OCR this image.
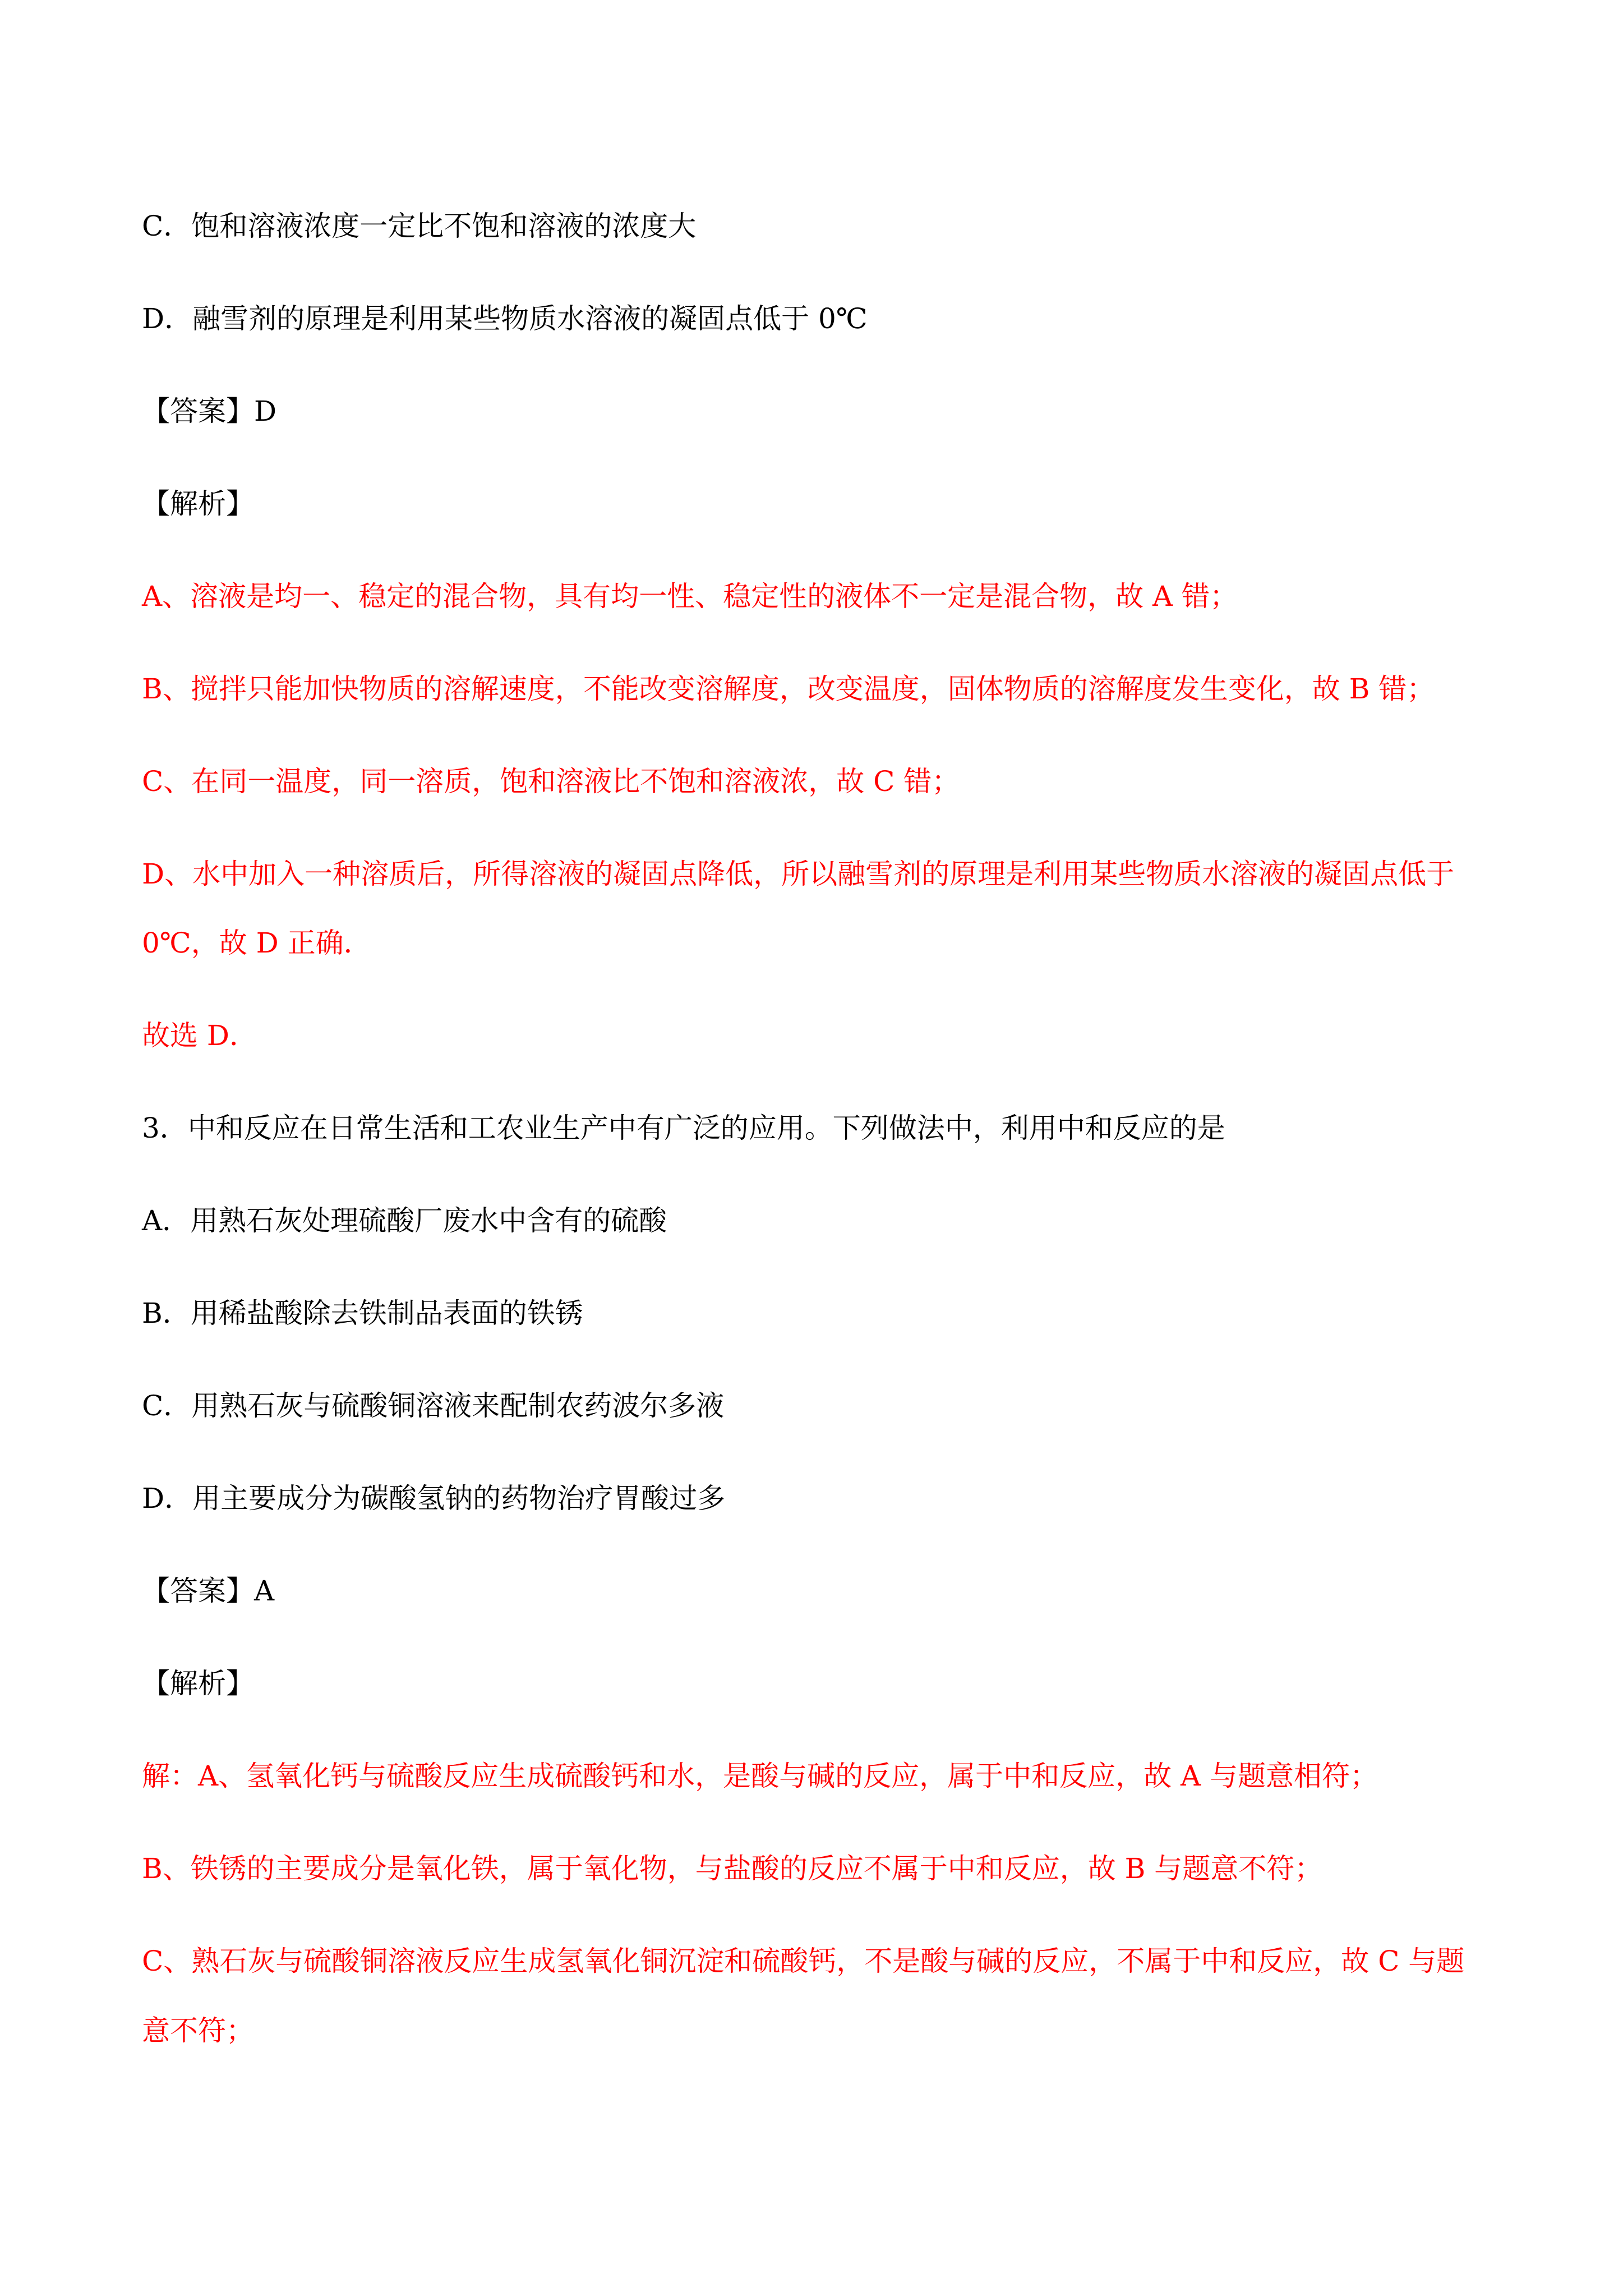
C．饱和溶液浓度一定比不饱和溶液的浓度大
D．融雪剂的原理是利用某些物质水溶液的凝固点低于 0℃
【答案】D
【解析】
A、溶液是均一、稳定的混合物，具有均一性、稳定性的液体不一定是混合物，故 A 错；
B、搅拌只能加快物质的溶解速度，不能改变溶解度，改变温度，固体物质的溶解度发生变化，故 B 错；
C、在同一温度，同一溶质，饱和溶液比不饱和溶液浓，故 C 错；
D、水中加入一种溶质后，所得溶液的凝固点降低，所以融雪剂的原理是利用某些物质水溶液的凝固点低于
0℃，故 D 正确．
故选 D．
3．中和反应在日常生活和工农业生产中有广泛的应用。下列做法中，利用中和反应的是
A．用熟石灰处理硫酸厂废水中含有的硫酸
B．用稀盐酸除去铁制品表面的铁锈
C．用熟石灰与硫酸铜溶液来配制农药波尔多液
D．用主要成分为碳酸氢钠的药物治疗胃酸过多
【答案】A
【解析】
解：A、氢氧化钙与硫酸反应生成硫酸钙和水，是酸与碱的反应，属于中和反应，故 A 与题意相符；
B、铁锈的主要成分是氧化铁，属于氧化物，与盐酸的反应不属于中和反应，故 B 与题意不符；
C、熟石灰与硫酸铜溶液反应生成氢氧化铜沉淀和硫酸钙，不是酸与碱的反应，不属于中和反应，故 C 与题
意不符；
